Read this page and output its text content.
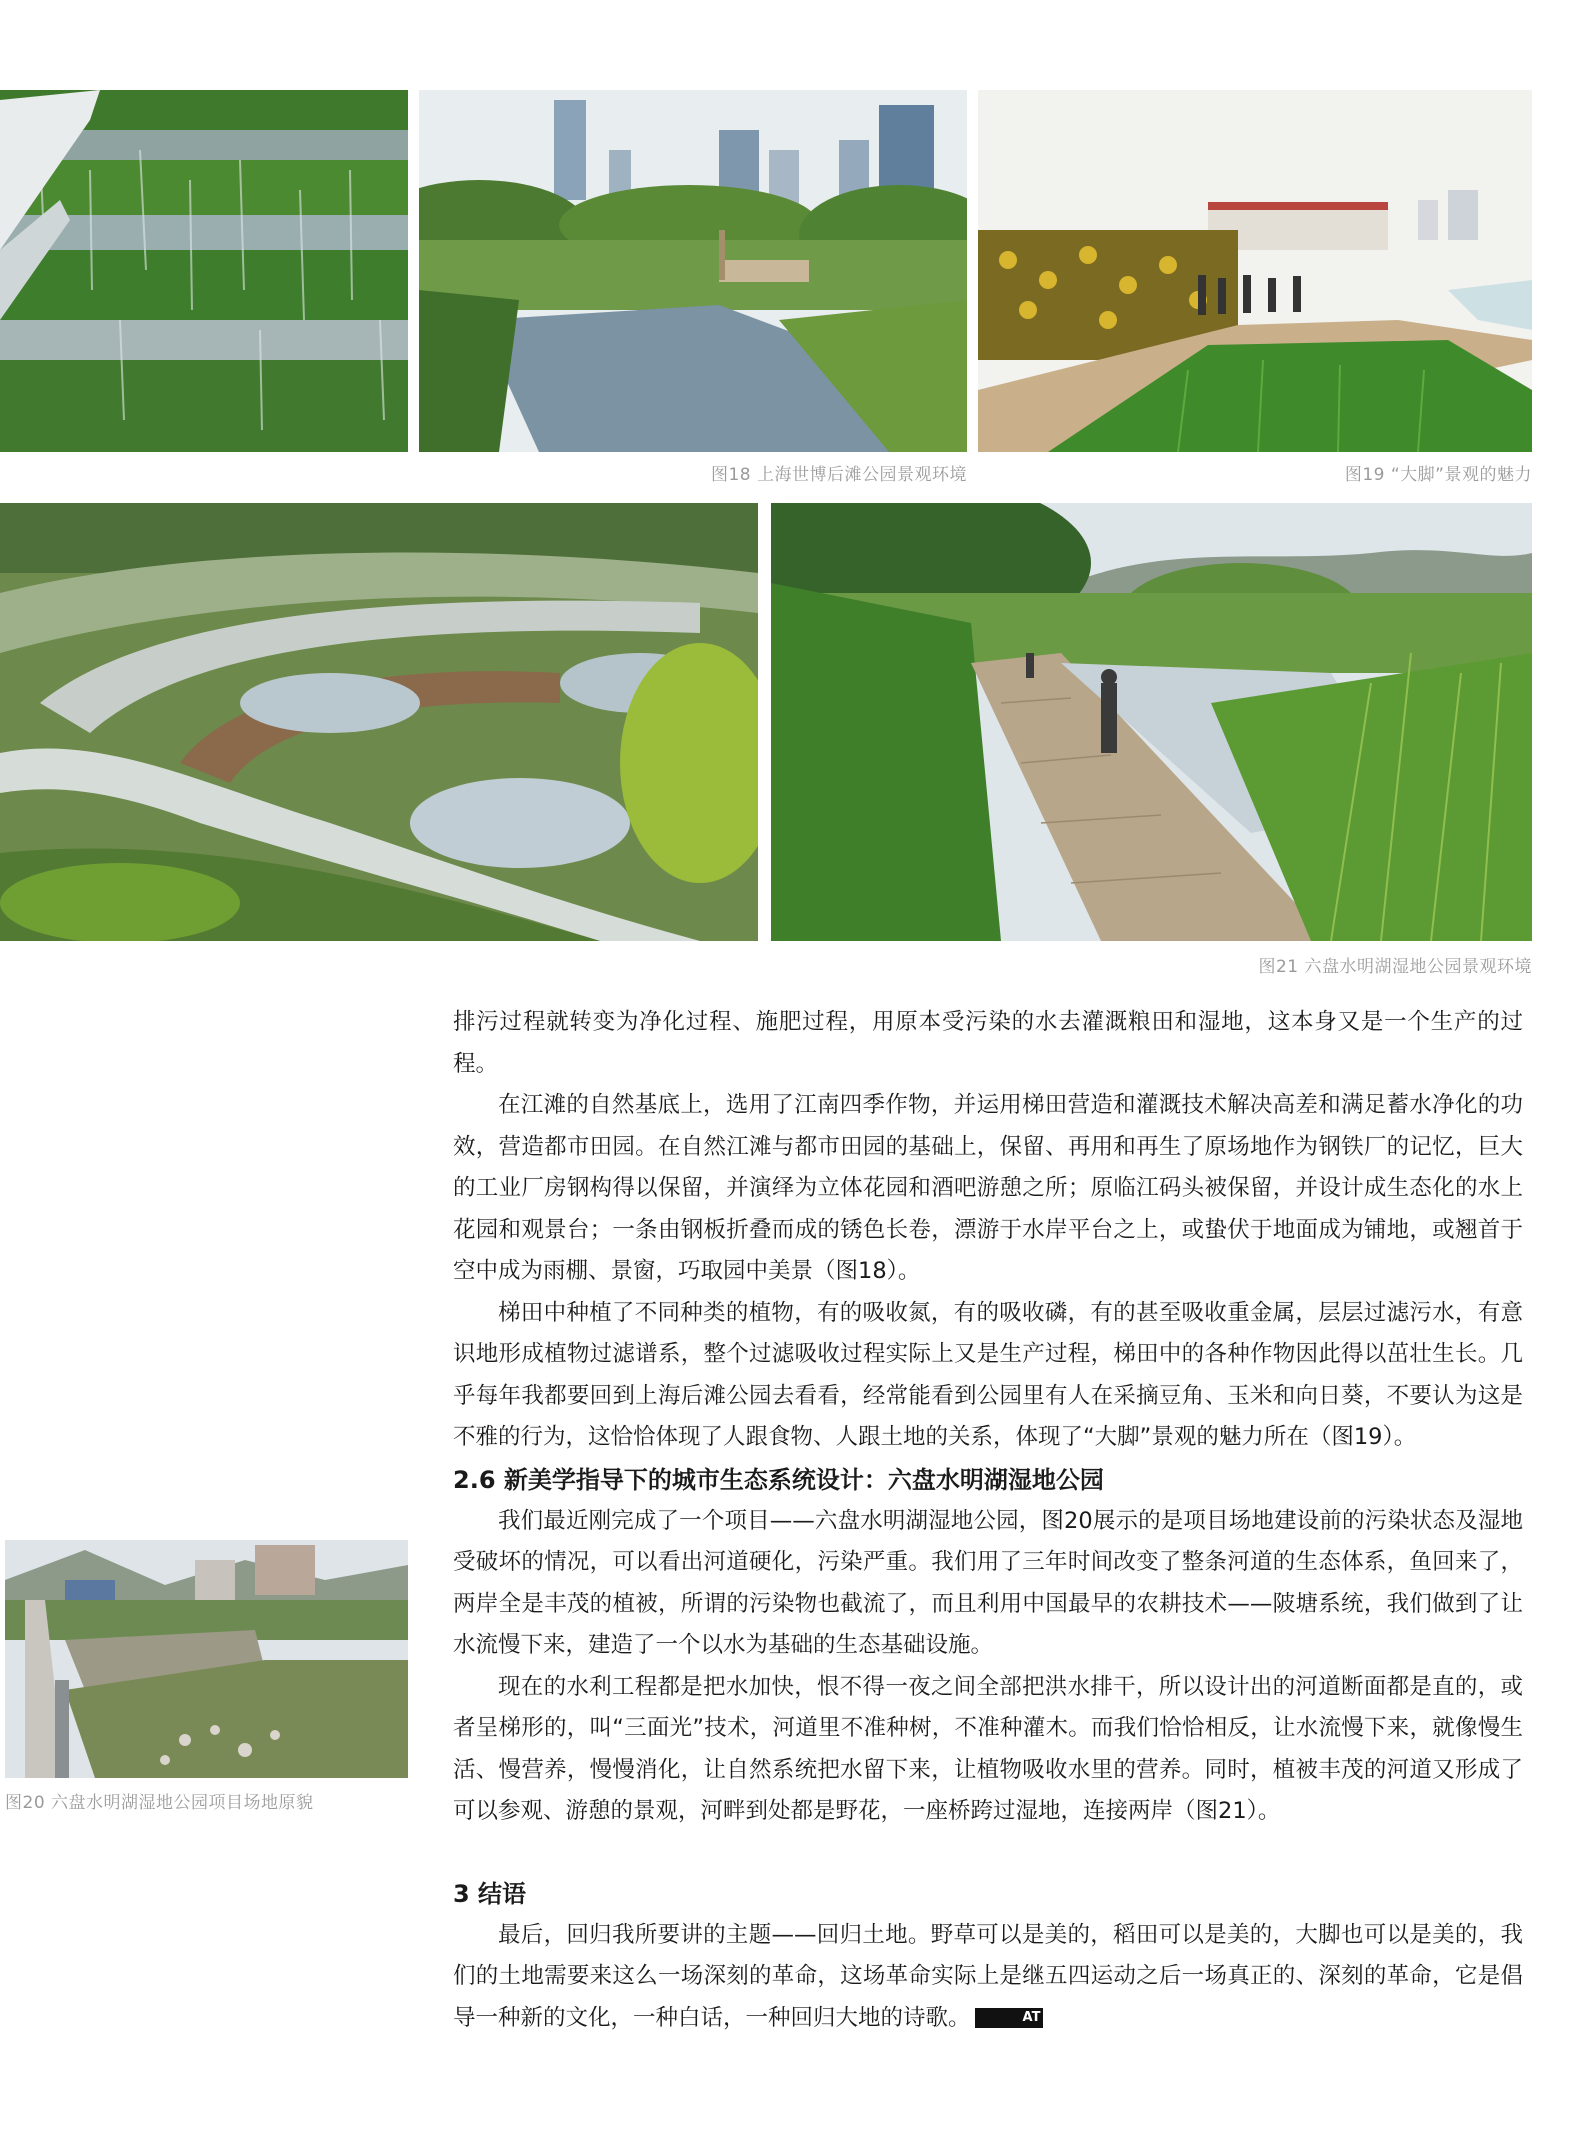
图18 上海世博后滩公园景观环境	图19 “大脚”景观的魅力
图21 六盘水明湖湿地公园景观环境
图20 六盘水明湖湿地公园项目场地原貌

排污过程就转变为净化过程、施肥过程，用原本受污染的水去灌溉粮田和湿地，这本身又是一个生产的过程。

在江滩的自然基底上，选用了江南四季作物，并运用梯田营造和灌溉技术解决高差和满足蓄水净化的功效，营造都市田园。在自然江滩与都市田园的基础上，保留、再用和再生了原场地作为钢铁厂的记忆，巨大的工业厂房钢构得以保留，并演绎为立体花园和酒吧游憩之所；原临江码头被保留，并设计成生态化的水上花园和观景台；一条由钢板折叠而成的锈色长卷，漂游于水岸平台之上，或蛰伏于地面成为铺地，或翘首于空中成为雨棚、景窗，巧取园中美景（图18）。

梯田中种植了不同种类的植物，有的吸收氮，有的吸收磷，有的甚至吸收重金属，层层过滤污水，有意识地形成植物过滤谱系，整个过滤吸收过程实际上又是生产过程，梯田中的各种作物因此得以茁壮生长。几乎每年我都要回到上海后滩公园去看看，经常能看到公园里有人在采摘豆角、玉米和向日葵，不要认为这是不雅的行为，这恰恰体现了人跟食物、人跟土地的关系，体现了“大脚”景观的魅力所在（图19）。

2.6 新美学指导下的城市生态系统设计：六盘水明湖湿地公园

我们最近刚完成了一个项目——六盘水明湖湿地公园，图20展示的是项目场地建设前的污染状态及湿地受破坏的情况，可以看出河道硬化，污染严重。我们用了三年时间改变了整条河道的生态体系，鱼回来了，两岸全是丰茂的植被，所谓的污染物也截流了，而且利用中国最早的农耕技术——陂塘系统，我们做到了让水流慢下来，建造了一个以水为基础的生态基础设施。

现在的水利工程都是把水加快，恨不得一夜之间全部把洪水排干，所以设计出的河道断面都是直的，或者呈梯形的，叫“三面光”技术，河道里不准种树，不准种灌木。而我们恰恰相反，让水流慢下来，就像慢生活、慢营养，慢慢消化，让自然系统把水留下来，让植物吸收水里的营养。同时，植被丰茂的河道又形成了可以参观、游憩的景观，河畔到处都是野花，一座桥跨过湿地，连接两岸（图21）。

3 结语

最后，回归我所要讲的主题——回归土地。野草可以是美的，稻田可以是美的，大脚也可以是美的，我们的土地需要来这么一场深刻的革命，这场革命实际上是继五四运动之后一场真正的、深刻的革命，它是倡导一种新的文化，一种白话，一种回归大地的诗歌。	AT
